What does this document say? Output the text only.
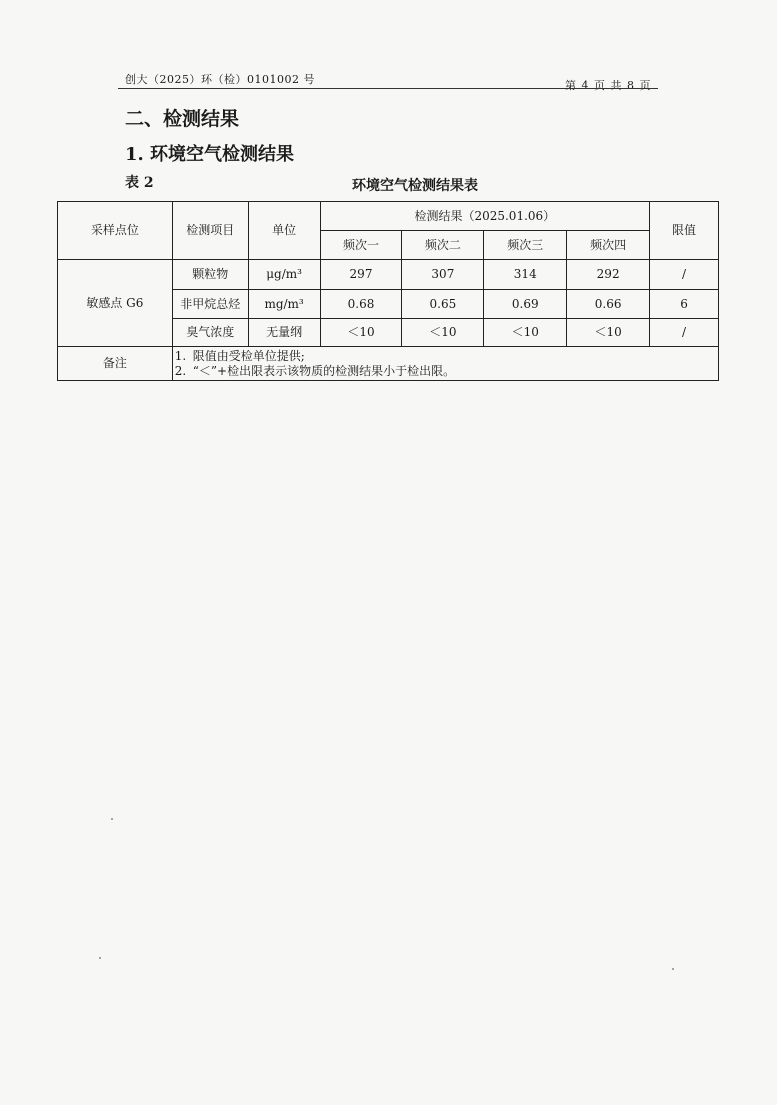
创大（2025）环（检）0101002 号	第 4 页 共 8 页
二、检测结果
1. 环境空气检测结果
表 2	环境空气检测结果表
采样点位	检测项目	单位	检测结果（2025.01.06）				限值
			频次一	频次二	频次三	频次四	
敏感点 G6	颗粒物	μg/m³	297	307	314	292	/
	非甲烷总烃	mg/m³	0.68	0.65	0.69	0.66	6
	臭气浓度	无量纲	＜10	＜10	＜10	＜10	/
备注	1. 限值由受检单位提供;
2. “＜”+检出限表示该物质的检测结果小于检出限。						
